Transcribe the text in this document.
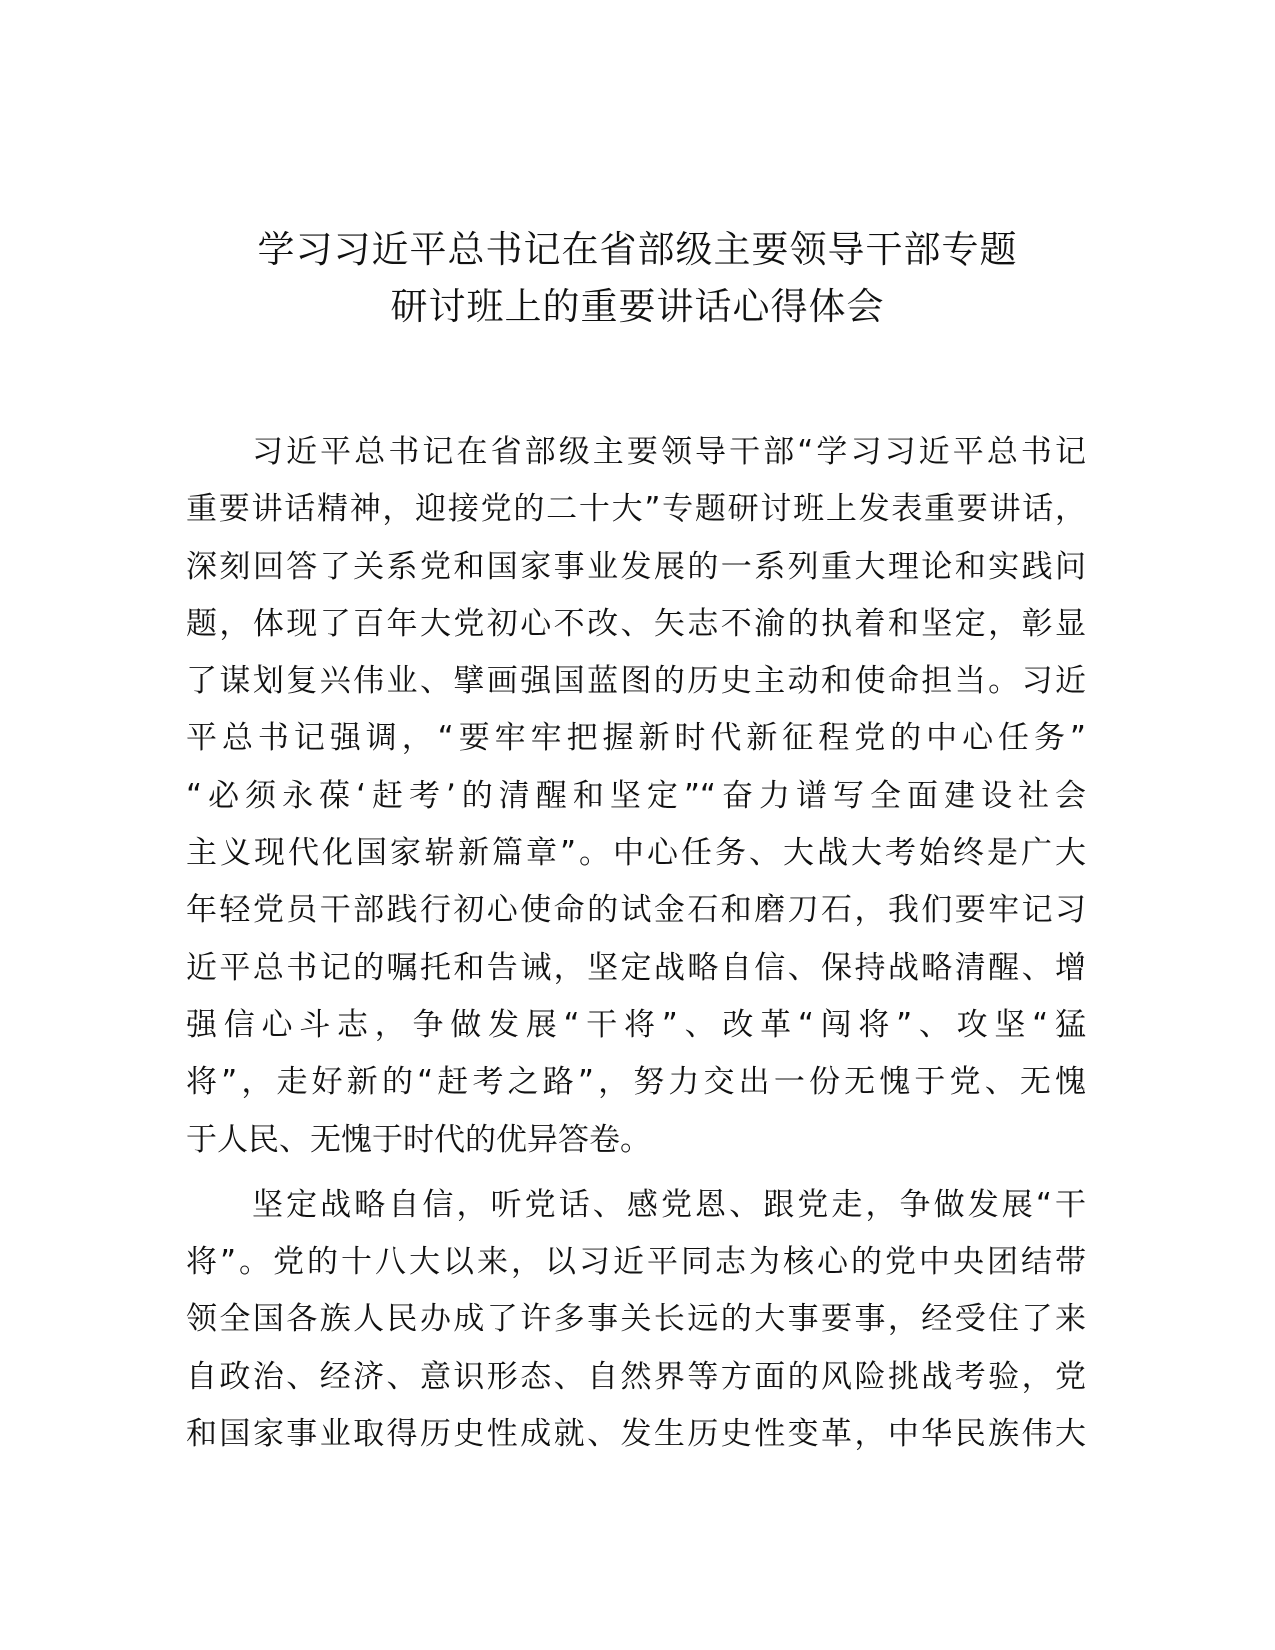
学习习近平总书记在省部级主要领导干部专题
研讨班上的重要讲话心得体会

习近平总书记在省部级主要领导干部“学习习近平总书记
重要讲话精神，迎接党的二十大”专题研讨班上发表重要讲话，
深刻回答了关系党和国家事业发展的一系列重大理论和实践问
题，体现了百年大党初心不改、矢志不渝的执着和坚定，彰显
了谋划复兴伟业、擘画强国蓝图的历史主动和使命担当。习近
平总书记强调，“要牢牢把握新时代新征程党的中心任务”
“必须永葆‘赶考’的清醒和坚定”“奋力谱写全面建设社会
主义现代化国家崭新篇章”。中心任务、大战大考始终是广大
年轻党员干部践行初心使命的试金石和磨刀石，我们要牢记习
近平总书记的嘱托和告诫，坚定战略自信、保持战略清醒、增
强信心斗志，争做发展“干将”、改革“闯将”、攻坚“猛
将”，走好新的“赶考之路”，努力交出一份无愧于党、无愧
于人民、无愧于时代的优异答卷。

坚定战略自信，听党话、感党恩、跟党走，争做发展“干
将”。党的十八大以来，以习近平同志为核心的党中央团结带
领全国各族人民办成了许多事关长远的大事要事，经受住了来
自政治、经济、意识形态、自然界等方面的风险挑战考验，党
和国家事业取得历史性成就、发生历史性变革，中华民族伟大
